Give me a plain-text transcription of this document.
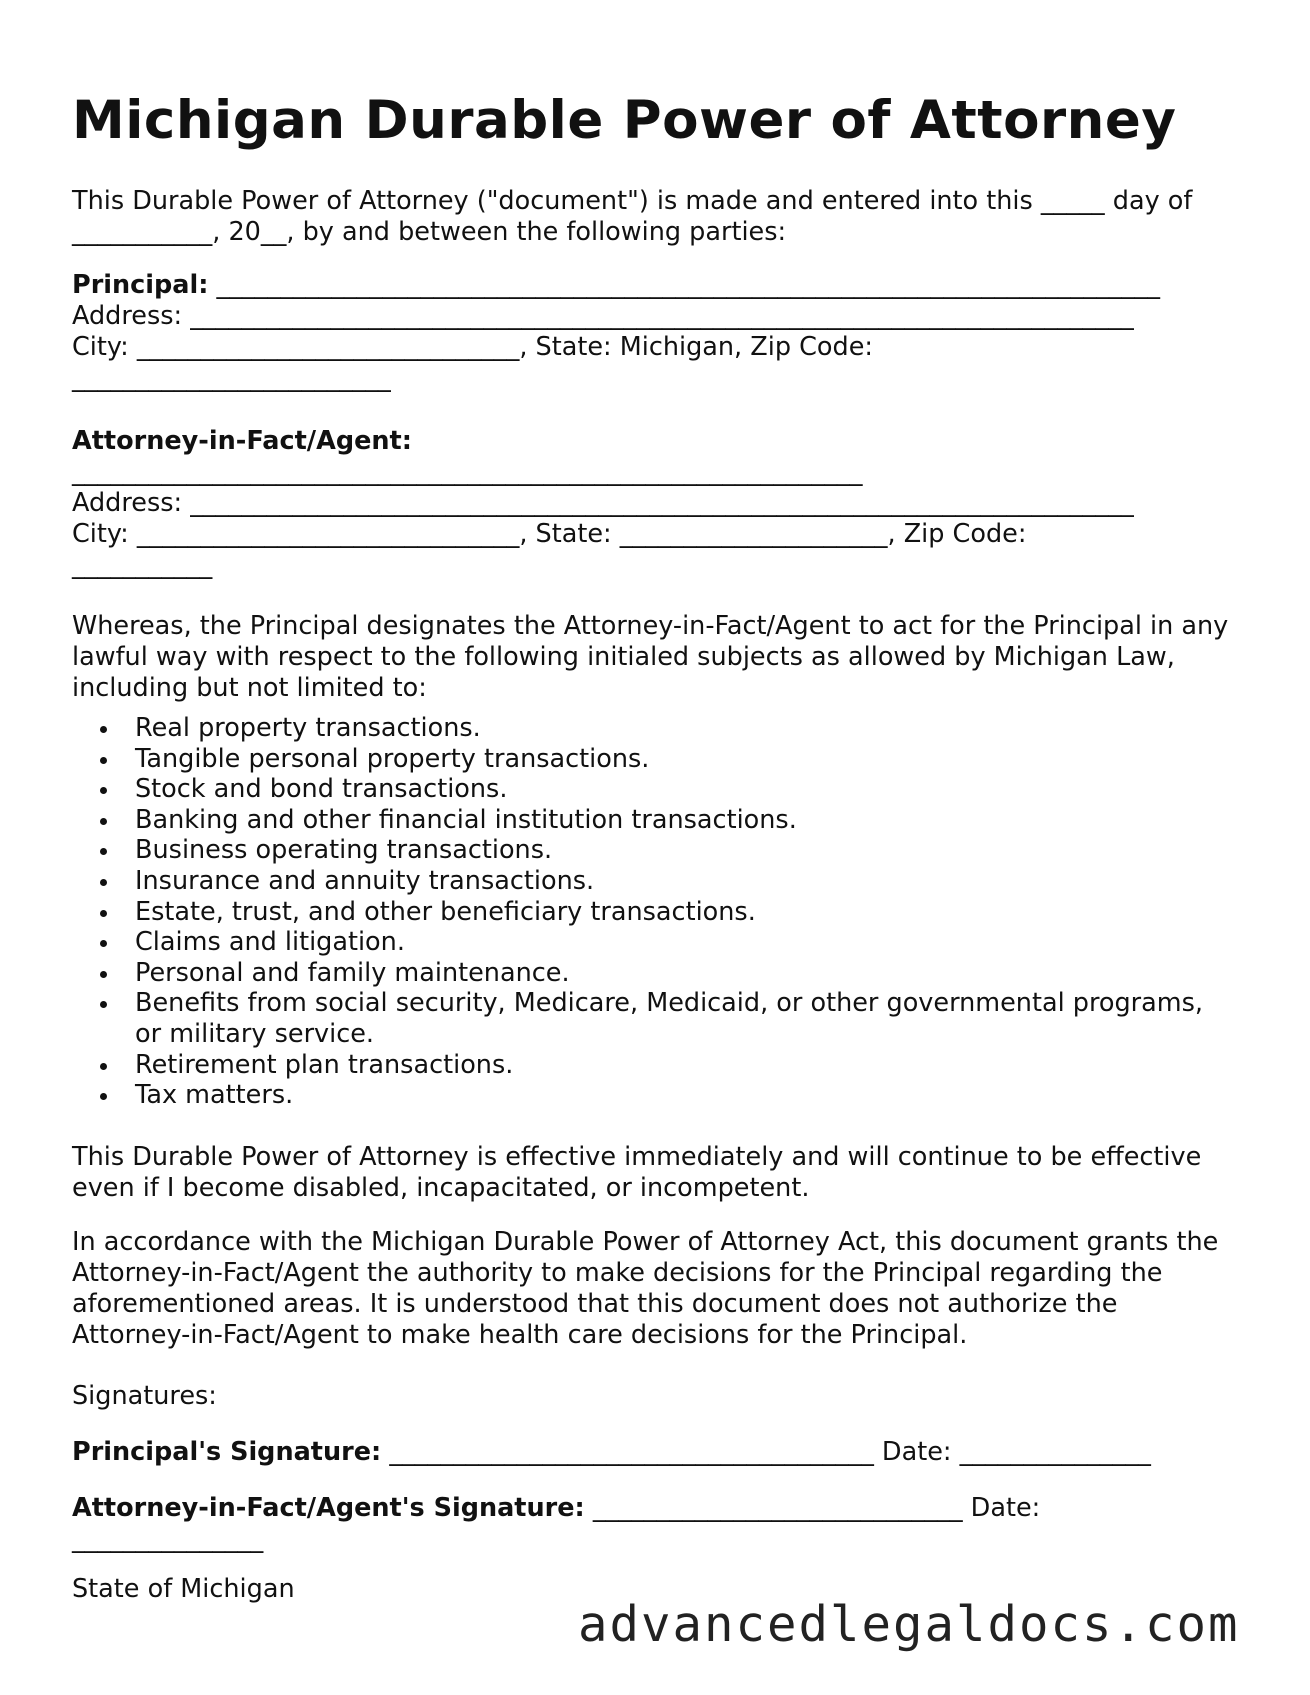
Michigan Durable Power of Attorney
This Durable Power of Attorney ("document") is made and entered into this _____ day of
___________, 20__, by and between the following parties:
Principal: __________________________________________________________________________
Address: __________________________________________________________________________
City: ______________________________, State: Michigan, Zip Code:
_________________________
Attorney-in-Fact/Agent:
______________________________________________________________
Address: __________________________________________________________________________
City: ______________________________, State: _____________________, Zip Code:
___________
Whereas, the Principal designates the Attorney-in-Fact/Agent to act for the Principal in any
lawful way with respect to the following initialed subjects as allowed by Michigan Law,
including but not limited to:
Real property transactions.
Tangible personal property transactions.
Stock and bond transactions.
Banking and other financial institution transactions.
Business operating transactions.
Insurance and annuity transactions.
Estate, trust, and other beneficiary transactions.
Claims and litigation.
Personal and family maintenance.
Benefits from social security, Medicare, Medicaid, or other governmental programs,
or military service.
Retirement plan transactions.
Tax matters.
This Durable Power of Attorney is effective immediately and will continue to be effective
even if I become disabled, incapacitated, or incompetent.
In accordance with the Michigan Durable Power of Attorney Act, this document grants the
Attorney-in-Fact/Agent the authority to make decisions for the Principal regarding the
aforementioned areas. It is understood that this document does not authorize the
Attorney-in-Fact/Agent to make health care decisions for the Principal.
Signatures:
Principal's Signature: ______________________________________ Date: _______________
Attorney-in-Fact/Agent's Signature: _____________________________ Date:
_______________
State of Michigan
advancedlegaldocs.com
